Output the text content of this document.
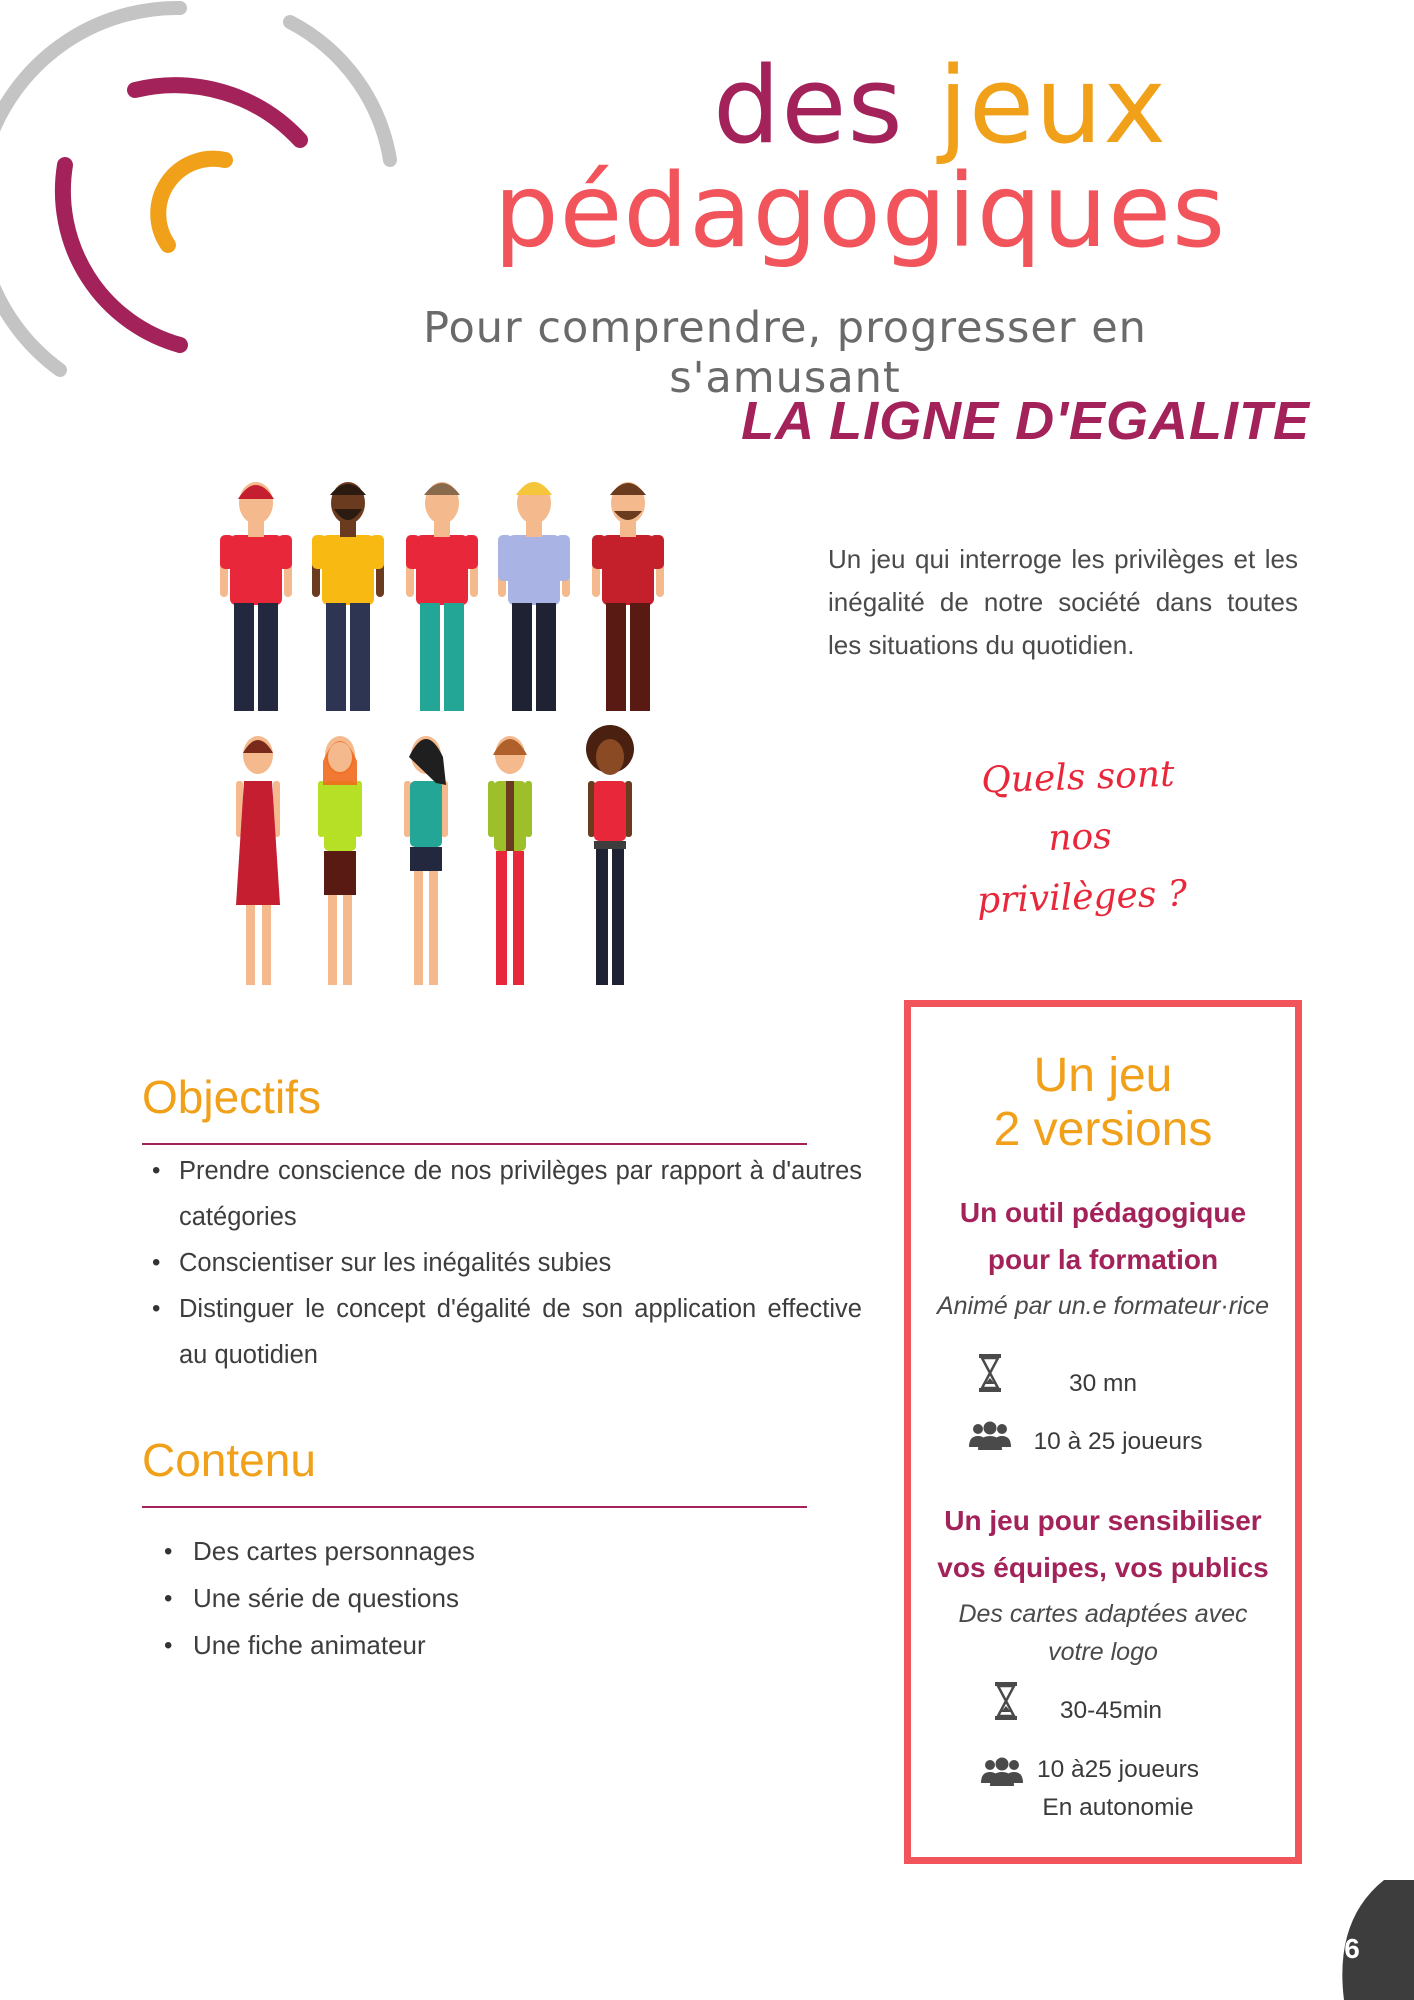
des jeux
pédagogiques
Pour comprendre, progresser en s'amusant
LA LIGNE D'EGALITE
Un jeu qui interroge les privilèges et les inégalité de notre société dans toutes les situations du quotidien.
Quels sont nos
privilèges ?
Objectifs
• Prendre conscience de nos privilèges par rapport à d'autres catégories
• Conscientiser sur les inégalités subies
• Distinguer le concept d'égalité de son application effective au quotidien
Contenu
• Des cartes personnages
• Une série de questions
• Une fiche animateur
Un jeu
2 versions
Un outil pédagogique
pour la formation
Animé par un.e formateur·rice
30 mn
10 à 25 joueurs
Un jeu pour sensibiliser
vos équipes, vos publics
Des cartes adaptées avec
votre logo
30-45min
10 à25 joueurs
En autonomie
6
